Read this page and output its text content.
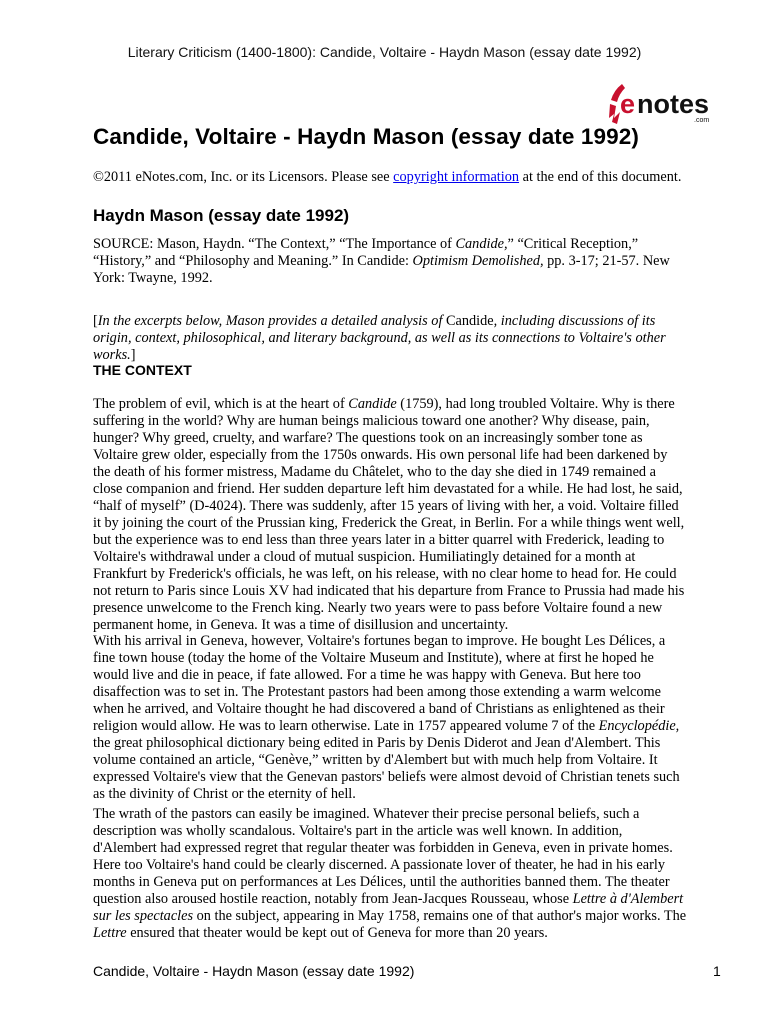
Literary Criticism (1400-1800): Candide, Voltaire - Haydn Mason (essay date 1992)
e notes
.com
Candide, Voltaire - Haydn Mason (essay date 1992)
©2011 eNotes.com, Inc. or its Licensors. Please see copyright information at the end of this document.
Haydn Mason (essay date 1992)

SOURCE: Mason, Haydn. “The Context,” “The Importance of Candide,” “Critical Reception,” “History,” and “Philosophy and Meaning.” In Candide: Optimism Demolished, pp. 3-17; 21-57. New York: Twayne, 1992.

[In the excerpts below, Mason provides a detailed analysis of Candide, including discussions of its origin, context, philosophical, and literary background, as well as its connections to Voltaire's other works.]

THE CONTEXT

The problem of evil, which is at the heart of Candide (1759), had long troubled Voltaire. Why is there suffering in the world? Why are human beings malicious toward one another? Why disease, pain, hunger? Why greed, cruelty, and warfare? The questions took on an increasingly somber tone as Voltaire grew older, especially from the 1750s onwards. His own personal life had been darkened by the death of his former mistress, Madame du Châtelet, who to the day she died in 1749 remained a close companion and friend. Her sudden departure left him devastated for a while. He had lost, he said, “half of myself” (D-4024). There was suddenly, after 15 years of living with her, a void. Voltaire filled it by joining the court of the Prussian king, Frederick the Great, in Berlin. For a while things went well, but the experience was to end less than three years later in a bitter quarrel with Frederick, leading to Voltaire's withdrawal under a cloud of mutual suspicion. Humiliatingly detained for a month at Frankfurt by Frederick's officials, he was left, on his release, with no clear home to head for. He could not return to Paris since Louis XV had indicated that his departure from France to Prussia had made his presence unwelcome to the French king. Nearly two years were to pass before Voltaire found a new permanent home, in Geneva. It was a time of disillusion and uncertainty.

With his arrival in Geneva, however, Voltaire's fortunes began to improve. He bought Les Délices, a fine town house (today the home of the Voltaire Museum and Institute), where at first he hoped he would live and die in peace, if fate allowed. For a time he was happy with Geneva. But here too disaffection was to set in. The Protestant pastors had been among those extending a warm welcome when he arrived, and Voltaire thought he had discovered a band of Christians as enlightened as their religion would allow. He was to learn otherwise. Late in 1757 appeared volume 7 of the Encyclopédie, the great philosophical dictionary being edited in Paris by Denis Diderot and Jean d'Alembert. This volume contained an article, “Genève,” written by d'Alembert but with much help from Voltaire. It expressed Voltaire's view that the Genevan pastors' beliefs were almost devoid of Christian tenets such as the divinity of Christ or the eternity of hell.

The wrath of the pastors can easily be imagined. Whatever their precise personal beliefs, such a description was wholly scandalous. Voltaire's part in the article was well known. In addition, d'Alembert had expressed regret that regular theater was forbidden in Geneva, even in private homes. Here too Voltaire's hand could be clearly discerned. A passionate lover of theater, he had in his early months in Geneva put on performances at Les Délices, until the authorities banned them. The theater question also aroused hostile reaction, notably from Jean-Jacques Rousseau, whose Lettre à d'Alembert sur les spectacles on the subject, appearing in May 1758, remains one of that author's major works. The Lettre ensured that theater would be kept out of Geneva for more than 20 years.

Candide, Voltaire - Haydn Mason (essay date 1992)	1
